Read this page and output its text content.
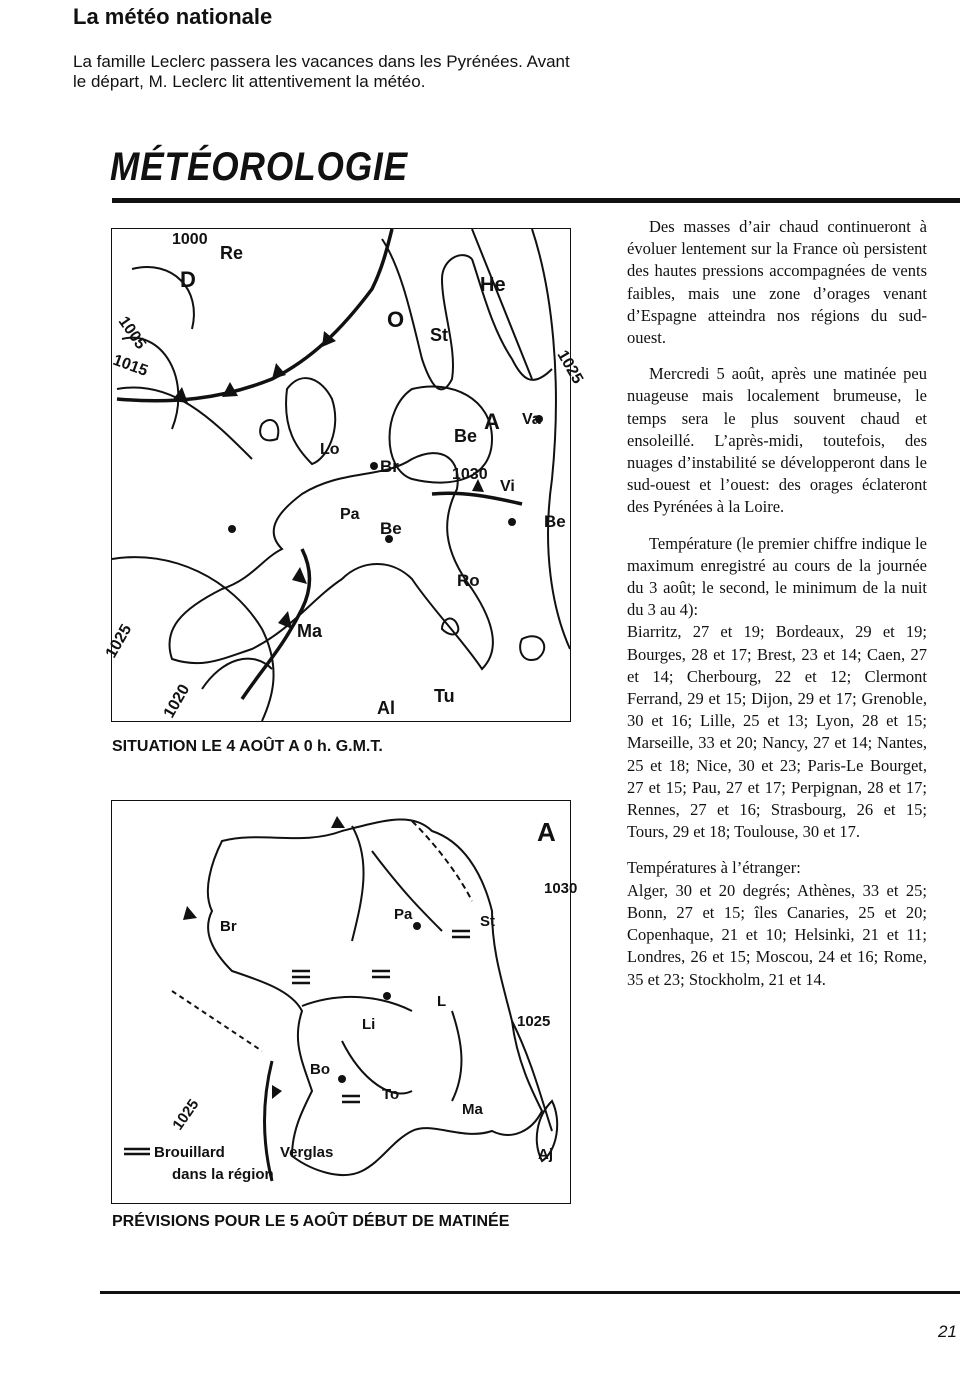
La météo nationale
La famille Leclerc passera les vacances dans les Pyrénées. Avant
le départ, M. Leclerc lit attentivement la météo.
MÉTÉOROLOGIE
Re
D	He
St
O
Lo
Br
Pa
Be
Be
Be
A Va
Vi
Ro
Ma
Al
Tu
1000
1005
1015
1025
1020
1025
1030
SITUATION LE 4 AOÛT A 0 h. G.M.T.
Br
Pa	St
L
Li
Bo
To
Ma
Aj
A
1030
1025
1025
Brouillard	Verglas
dans la région
PRÉVISIONS POUR LE 5 AOÛT DÉBUT DE MATINÉE

Des masses d’air chaud continueront à évoluer lentement sur la France où persistent des hautes pressions accompagnées de vents faibles, mais une zone d’orages venant d’Espagne atteindra nos régions du sud-ouest.

Mercredi 5 août, après une matinée peu nuageuse mais localement brumeuse, le temps sera le plus souvent chaud et ensoleillé. L’après-midi, toutefois, des nuages d’instabilité se développeront dans le sud-ouest et l’ouest: des orages éclateront des Pyrénées à la Loire.

Température (le premier chiffre indique le maximum enregistré au cours de la journée du 3 août; le second, le minimum de la nuit du 3 au 4):

Biarritz, 27 et 19; Bordeaux, 29 et 19; Bourges, 28 et 17; Brest, 23 et 14; Caen, 27 et 14; Cherbourg, 22 et 12; Clermont Ferrand, 29 et 15; Dijon, 29 et 17; Grenoble, 30 et 16; Lille, 25 et 13; Lyon, 28 et 15; Marseille, 33 et 20; Nancy, 27 et 14; Nantes, 25 et 18; Nice, 30 et 23; Paris-Le Bourget, 27 et 15; Pau, 27 et 17; Perpignan, 28 et 17; Rennes, 27 et 16; Strasbourg, 26 et 15; Tours, 29 et 18; Toulouse, 30 et 17.

Températures à l’étranger:

Alger, 30 et 20 degrés; Athènes, 33 et 25; Bonn, 27 et 15; îles Canaries, 25 et 20; Copenhaque, 21 et 10; Helsinki, 21 et 11; Londres, 26 et 15; Moscou, 24 et 16; Rome, 35 et 23; Stockholm, 21 et 14.

21
